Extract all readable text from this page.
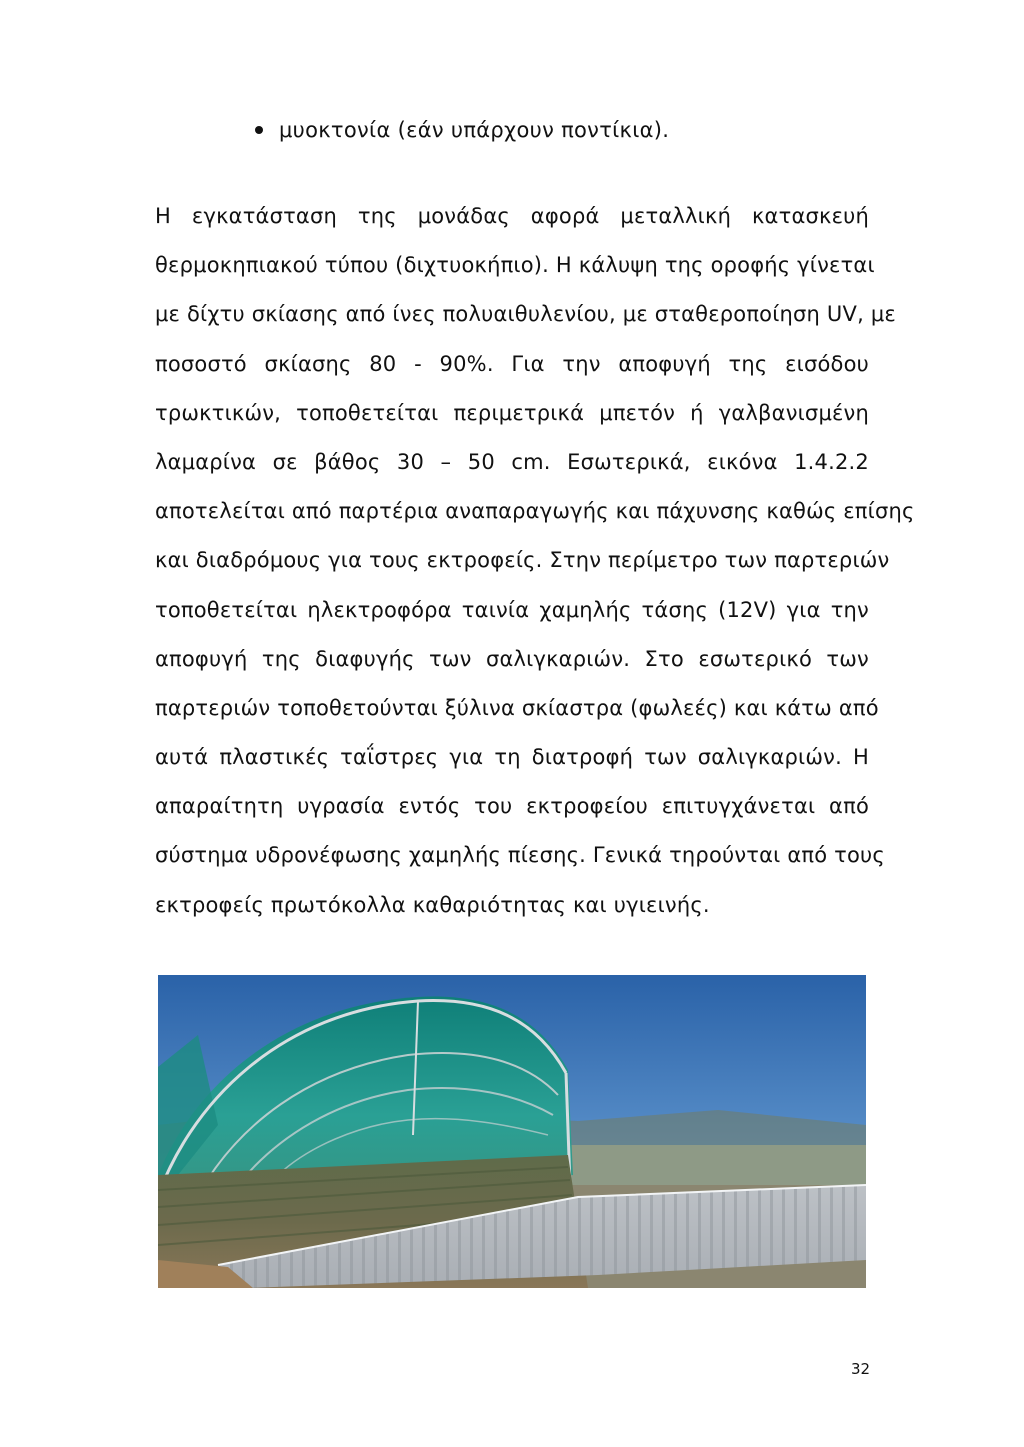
μυοκτονία (εάν υπάρχουν ποντίκια).
Η εγκατάσταση της μονάδας αφορά μεταλλική κατασκευή
θερμοκηπιακού τύπου (διχτυοκήπιο). Η κάλυψη της οροφής γίνεται
με δίχτυ σκίασης από ίνες πολυαιθυλενίου, με σταθεροποίηση UV, με
ποσοστό σκίασης 80 - 90%. Για την αποφυγή της εισόδου
τρωκτικών, τοποθετείται περιμετρικά μπετόν ή γαλβανισμένη
λαμαρίνα σε βάθος 30 – 50 cm. Εσωτερικά, εικόνα 1.4.2.2
αποτελείται από παρτέρια αναπαραγωγής και πάχυνσης καθώς επίσης
και διαδρόμους για τους εκτροφείς. Στην περίμετρο των παρτεριών
τοποθετείται ηλεκτροφόρα ταινία χαμηλής τάσης (12V) για την
αποφυγή της διαφυγής των σαλιγκαριών. Στο εσωτερικό των
παρτεριών τοποθετούνται ξύλινα σκίαστρα (φωλεές) και κάτω από
αυτά πλαστικές ταΐστρες για τη διατροφή των σαλιγκαριών. Η
απαραίτητη υγρασία εντός του εκτροφείου επιτυγχάνεται από
σύστημα υδρονέφωσης χαμηλής πίεσης. Γενικά τηρούνται από τους
εκτροφείς πρωτόκολλα καθαριότητας και υγιεινής.
32
